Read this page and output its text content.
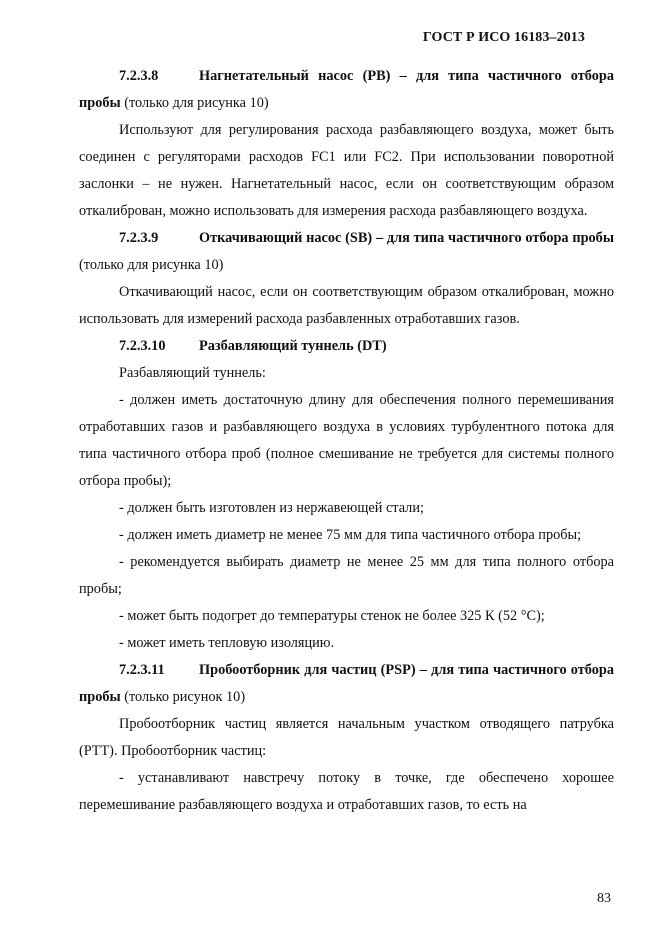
ГОСТ Р ИСО 16183–2013

7.2.3.8	Нагнетательный насос (PB) – для типа частичного отбора пробы (только для рисунка 10)

Используют для регулирования расхода разбавляющего воздуха, может быть соединен с регуляторами расходов FC1 или FC2. При использовании поворотной заслонки – не нужен. Нагнетательный насос, если он соответствующим образом откалиброван, можно использовать для измерения расхода разбавляющего воздуха.

7.2.3.9	Откачивающий насос (SB) – для типа частичного отбора пробы (только для рисунка 10)

Откачивающий насос, если он соответствующим образом откалиброван, можно использовать для измерений расхода разбавленных отработавших газов.

7.2.3.10 Разбавляющий туннель (DT)

Разбавляющий туннель:

- должен иметь достаточную длину для обеспечения полного перемешивания отработавших газов и разбавляющего воздуха в условиях турбулентного потока для типа частичного отбора проб (полное смешивание не требуется для системы полного отбора пробы);

- должен быть изготовлен из нержавеющей стали;

- должен иметь диаметр не менее 75 мм для типа частичного отбора пробы;

- рекомендуется выбирать диаметр не менее 25 мм для типа полного отбора пробы;

- может быть подогрет до температуры стенок не более 325 К (52 °С);

- может иметь тепловую изоляцию.

7.2.3.11 Пробоотборник для частиц (PSP) – для типа частичного отбора пробы (только рисунок 10)

Пробоотборник частиц является начальным участком отводящего патрубка (PTT). Пробоотборник частиц:

- устанавливают навстречу потоку в точке, где обеспечено хорошее перемешивание разбавляющего воздуха и отработавших газов, то есть на

83
